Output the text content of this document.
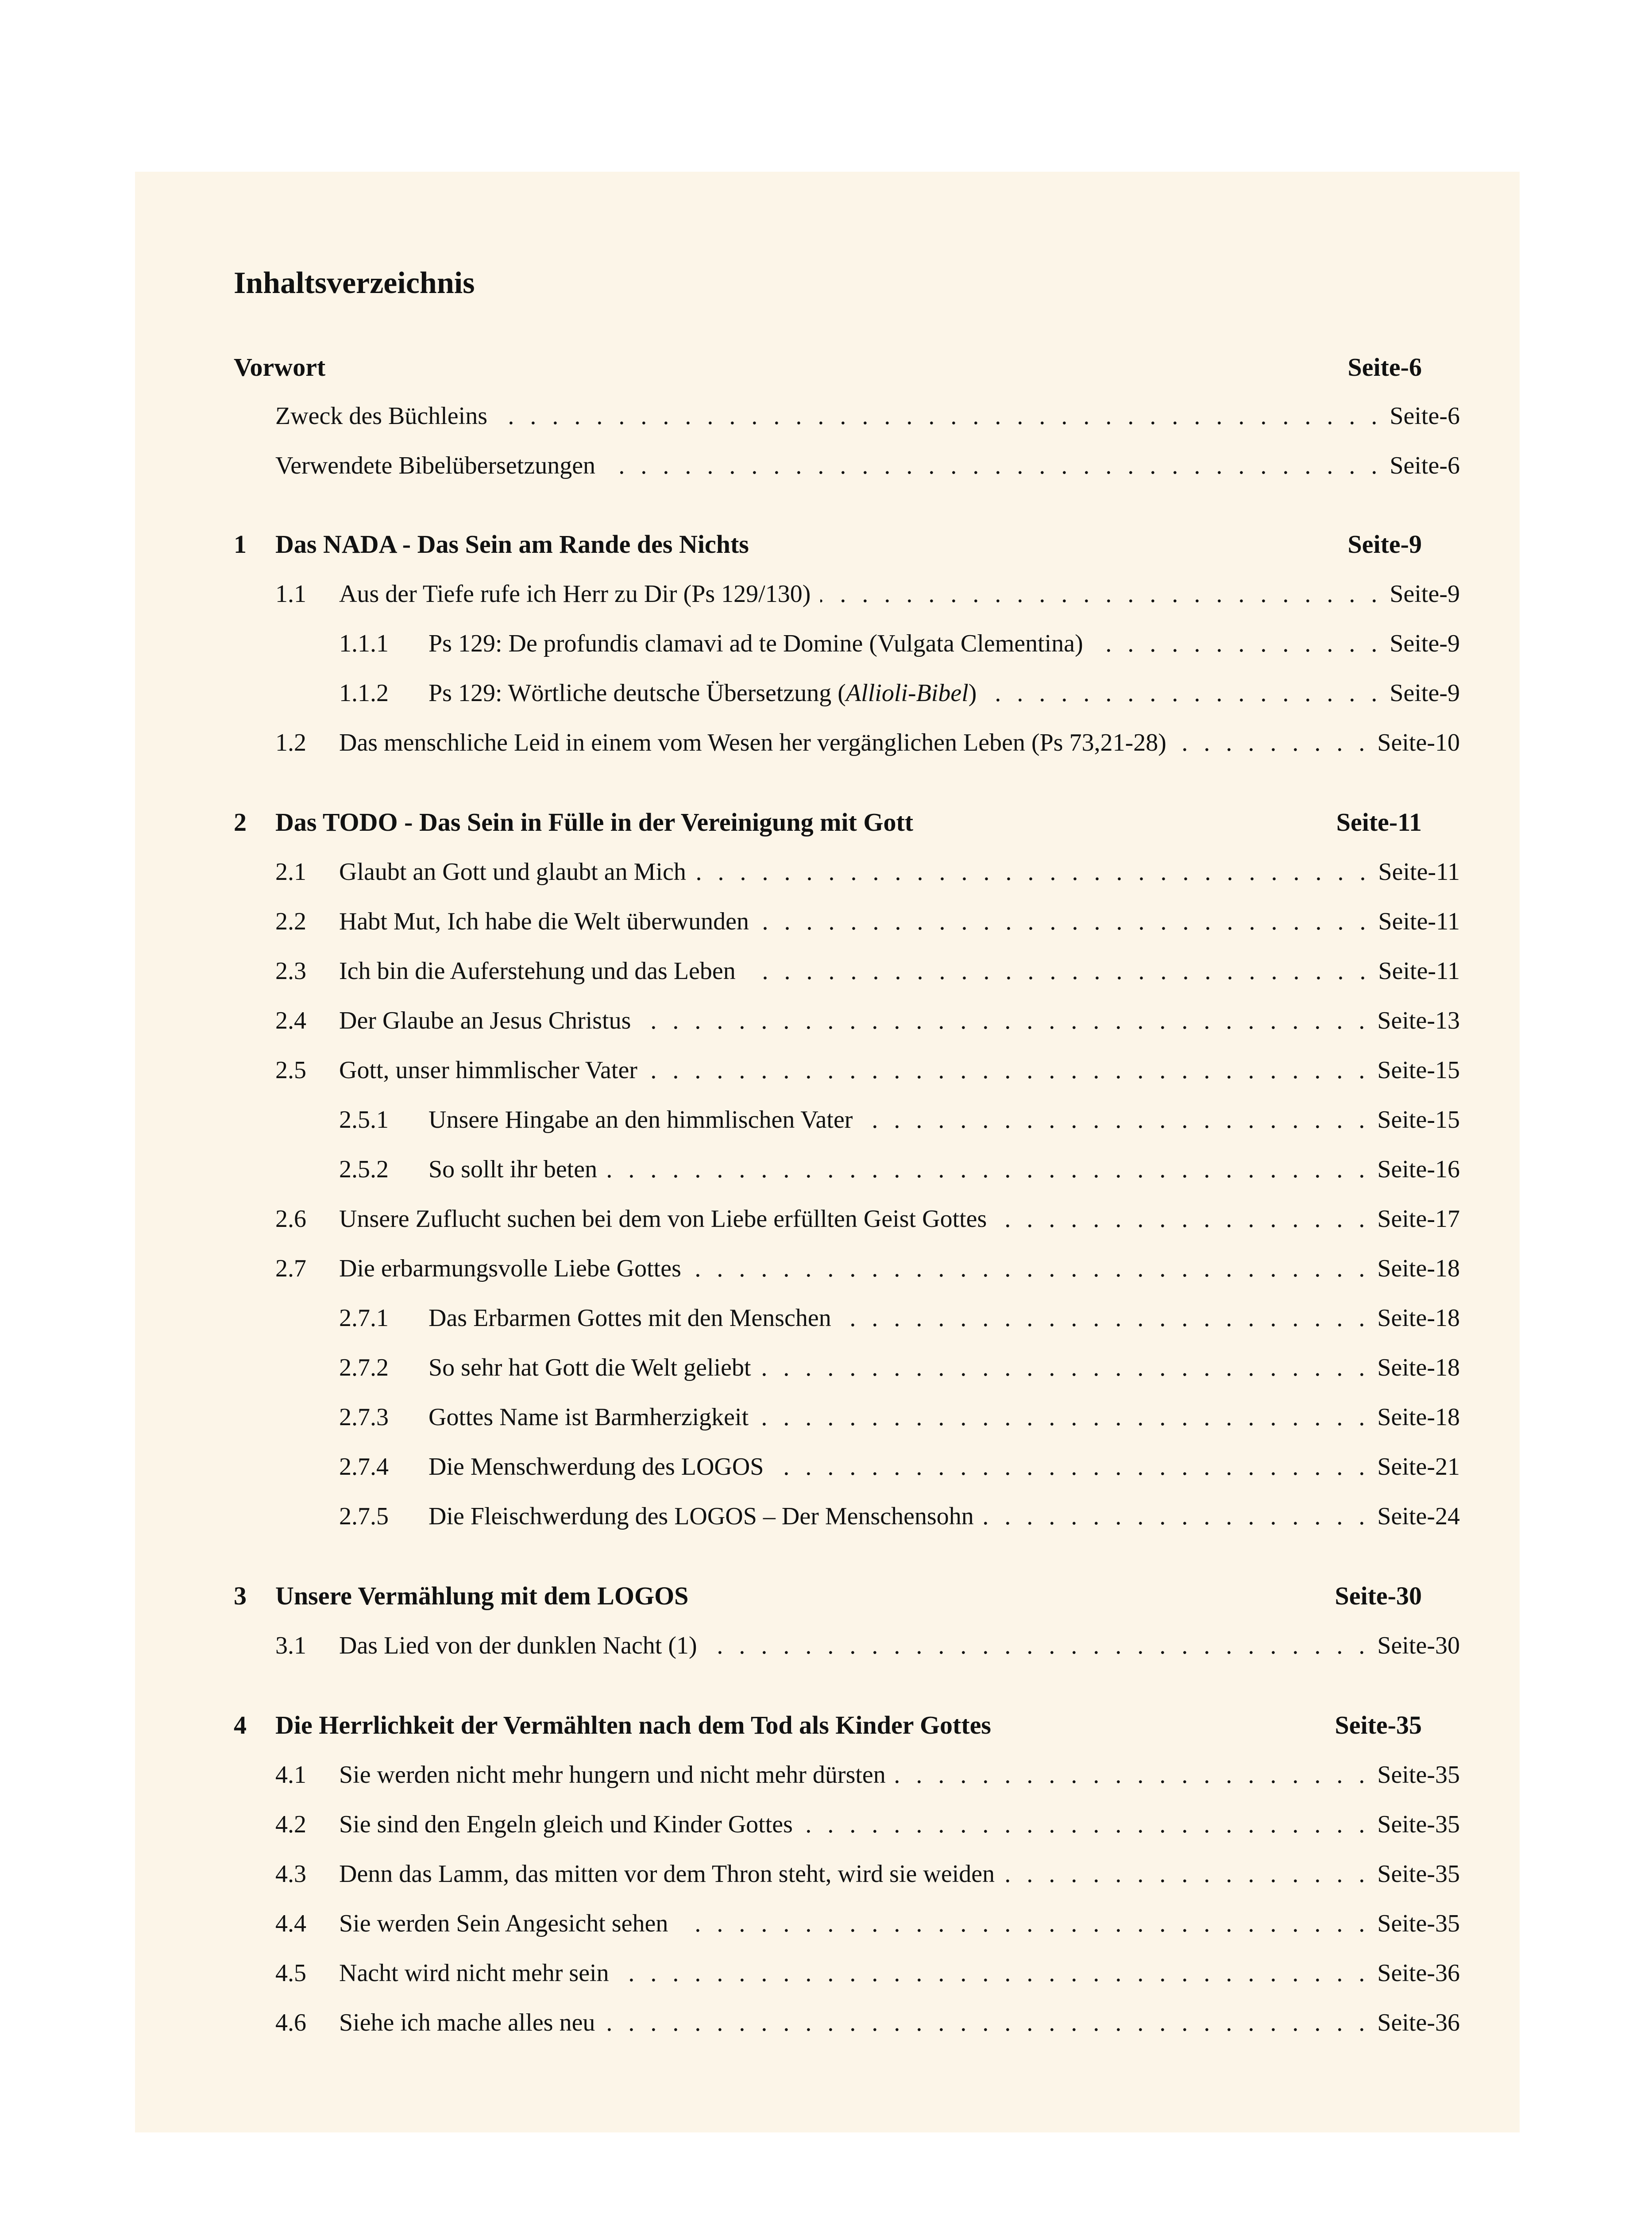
Inhaltsverzeichnis
Vorwort	Seite-6
Zweck des Büchleins . . .	Seite-6
Verwendete Bibelübersetzungen . . .	Seite-6
1	Das NADA - Das Sein am Rande des Nichts	Seite-9
1.1	Aus der Tiefe rufe ich Herr zu Dir (Ps 129/130) . . .	Seite-9
1.1.1	Ps 129: De profundis clamavi ad te Domine (Vulgata Clementina) . . .	Seite-9
1.1.2	Ps 129: Wörtliche deutsche Übersetzung (Allioli-Bibel) . . .	Seite-9
1.2	Das menschliche Leid in einem vom Wesen her vergänglichen Leben (Ps 73,21-28) . . .	Seite-10
2	Das TODO - Das Sein in Fülle in der Vereinigung mit Gott	Seite-11
2.1	Glaubt an Gott und glaubt an Mich . . .	Seite-11
2.2	Habt Mut, Ich habe die Welt überwunden . . .	Seite-11
2.3	Ich bin die Auferstehung und das Leben . . .	Seite-11
2.4	Der Glaube an Jesus Christus . . .	Seite-13
2.5	Gott, unser himmlischer Vater . . .	Seite-15
2.5.1	Unsere Hingabe an den himmlischen Vater . . .	Seite-15
2.5.2	So sollt ihr beten . . .	Seite-16
2.6	Unsere Zuflucht suchen bei dem von Liebe erfüllten Geist Gottes . . .	Seite-17
2.7	Die erbarmungsvolle Liebe Gottes . . .	Seite-18
2.7.1	Das Erbarmen Gottes mit den Menschen . . .	Seite-18
2.7.2	So sehr hat Gott die Welt geliebt . . .	Seite-18
2.7.3	Gottes Name ist Barmherzigkeit . . .	Seite-18
2.7.4	Die Menschwerdung des LOGOS . . .	Seite-21
2.7.5	Die Fleischwerdung des LOGOS – Der Menschensohn . . .	Seite-24
3	Unsere Vermählung mit dem LOGOS	Seite-30
3.1	Das Lied von der dunklen Nacht (1) . . .	Seite-30
4	Die Herrlichkeit der Vermählten nach dem Tod als Kinder Gottes	Seite-35
4.1	Sie werden nicht mehr hungern und nicht mehr dürsten . . .	Seite-35
4.2	Sie sind den Engeln gleich und Kinder Gottes . . .	Seite-35
4.3	Denn das Lamm, das mitten vor dem Thron steht, wird sie weiden . . .	Seite-35
4.4	Sie werden Sein Angesicht sehen . . .	Seite-35
4.5	Nacht wird nicht mehr sein . . .	Seite-36
4.6	Siehe ich mache alles neu . . .	Seite-36
